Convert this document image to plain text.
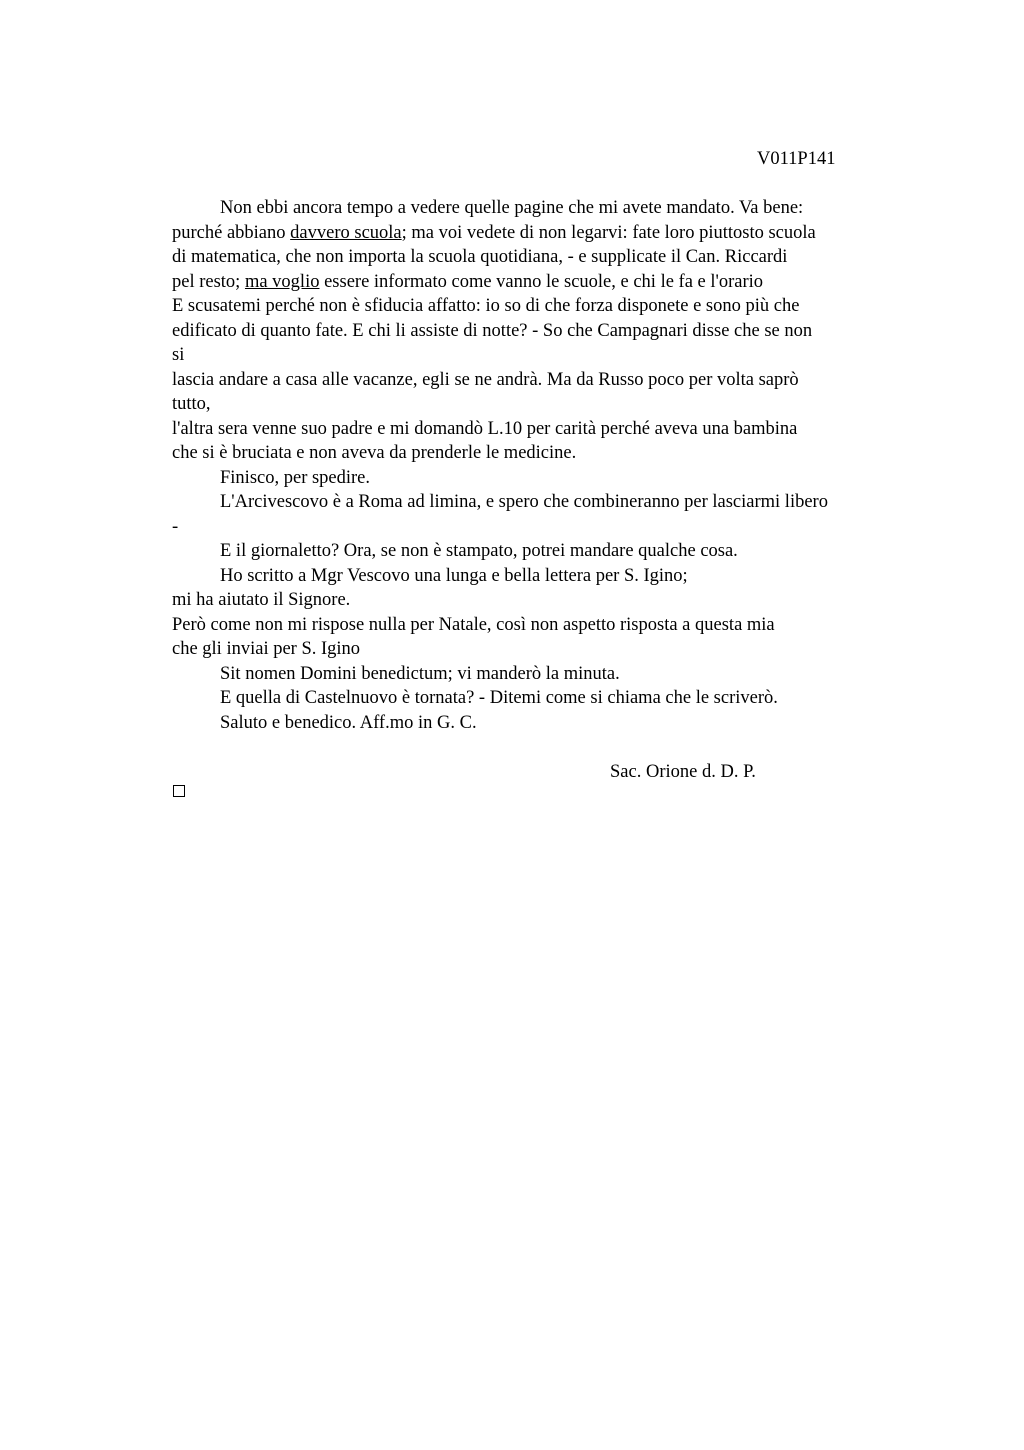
V011P141
Non ebbi ancora tempo a vedere quelle pagine che mi avete mandato. Va bene:
purché abbiano davvero scuola; ma voi vedete di non legarvi: fate loro piuttosto scuola
di matematica, che non importa la scuola quotidiana, - e supplicate il Can. Riccardi
pel resto; ma voglio essere informato come vanno le scuole, e chi le fa e l'orario
E scusatemi perché non è sfiducia affatto: io so di che forza disponete e sono più che
edificato di quanto fate. E chi li assiste di notte? - So che Campagnari disse che se non
si
lascia andare a casa alle vacanze, egli se ne andrà. Ma da Russo poco per volta saprò
tutto,
l'altra sera venne suo padre e mi domandò L.10 per carità perché aveva una bambina
che si è bruciata e non aveva da prenderle le medicine.
Finisco, per spedire.
L'Arcivescovo è a Roma ad limina, e spero che combineranno per lasciarmi libero
-
E il giornaletto? Ora, se non è stampato, potrei mandare qualche cosa.
Ho scritto a Mgr Vescovo una lunga e bella lettera per S. Igino;
mi ha aiutato il Signore.
Però come non mi rispose nulla per Natale, così non aspetto risposta a questa mia
che gli inviai per S. Igino
Sit nomen Domini benedictum; vi manderò la minuta.
E quella di Castelnuovo è tornata? - Ditemi come si chiama che le scriverò.
Saluto e benedico. Aff.mo in G. C.
Sac. Orione d. D. P.
